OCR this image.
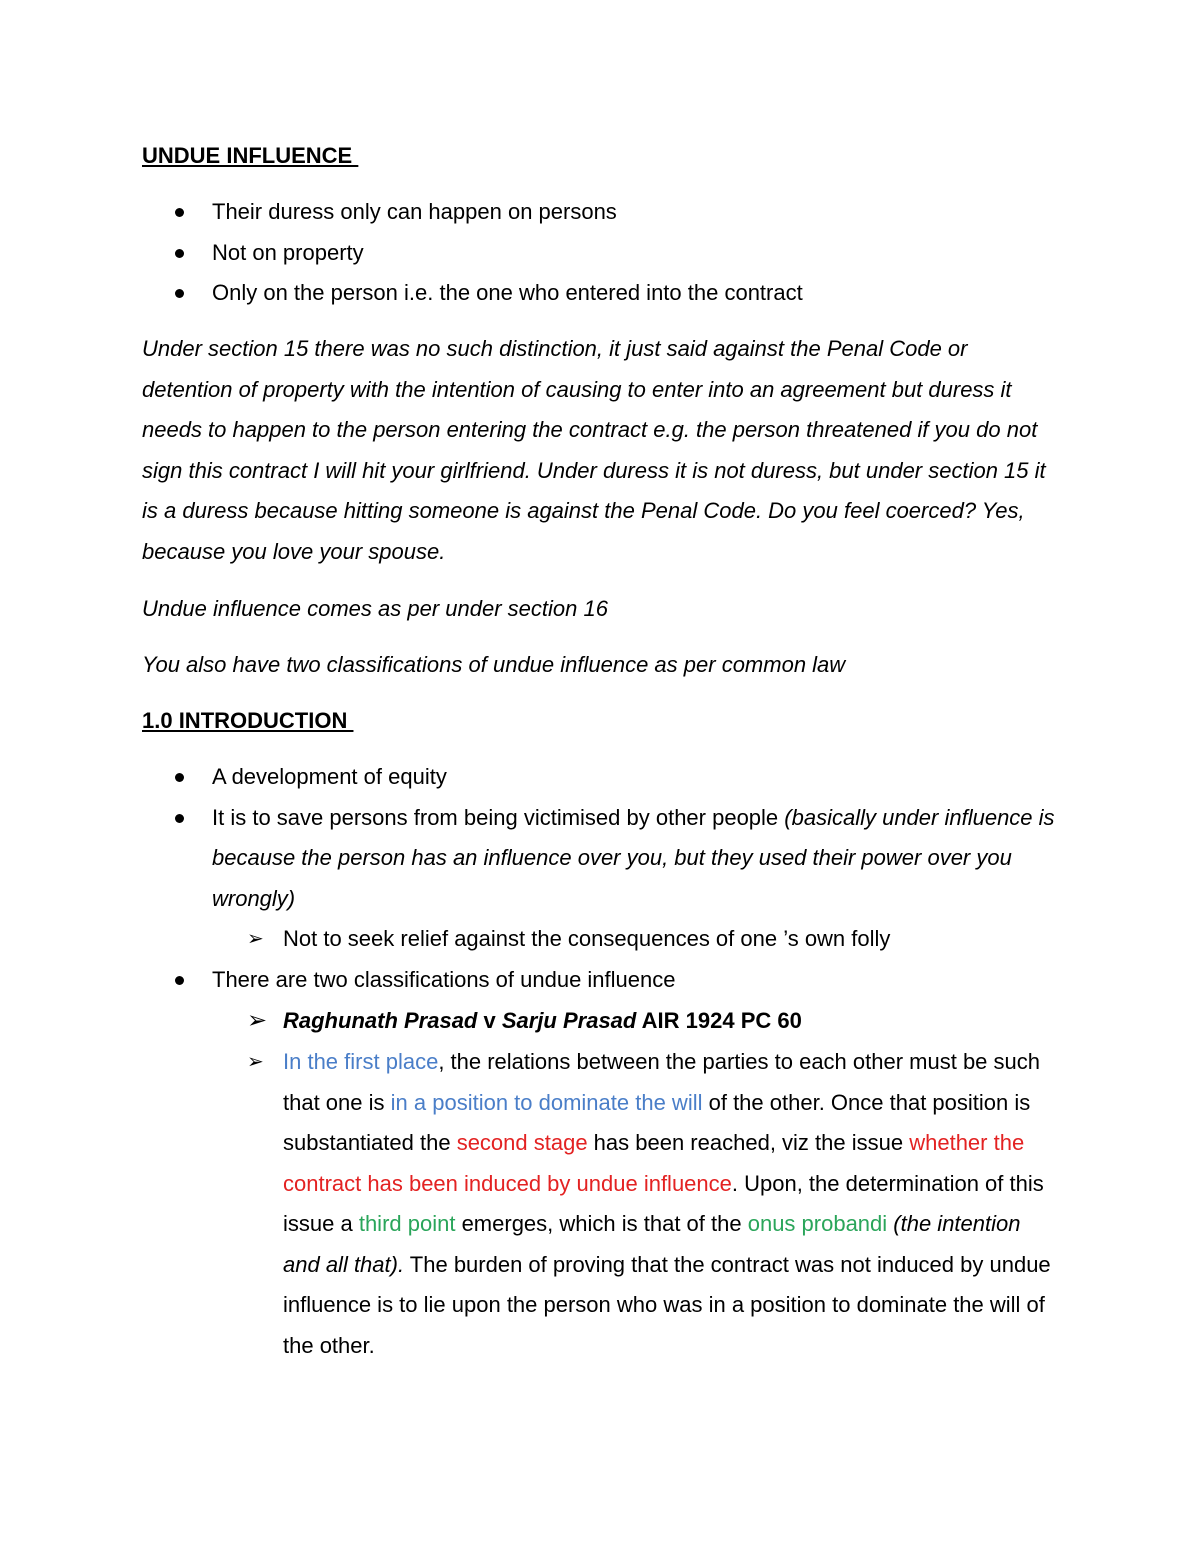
UNDUE INFLUENCE
Their duress only can happen on persons
Not on property
Only on the person i.e. the one who entered into the contract
Under section 15 there was no such distinction, it just said against the Penal Code or detention of property with the intention of causing to enter into an agreement but duress it needs to happen to the person entering the contract e.g. the person threatened if you do not sign this contract I will hit your girlfriend. Under duress it is not duress, but under section 15 it is a duress because hitting someone is against the Penal Code. Do you feel coerced? Yes, because you love your spouse.
Undue influence comes as per under section 16
You also have two classifications of undue influence as per common law
1.0 INTRODUCTION
A development of equity
It is to save persons from being victimised by other people (basically under influence is because the person has an influence over you, but they used their power over you wrongly)
➢ Not to seek relief against the consequences of one ’s own folly
There are two classifications of undue influence
➢ Raghunath Prasad v Sarju Prasad AIR 1924 PC 60
➢ In the first place, the relations between the parties to each other must be such that one is in a position to dominate the will of the other. Once that position is substantiated the second stage has been reached, viz the issue whether the contract has been induced by undue influence. Upon, the determination of this issue a third point emerges, which is that of the onus probandi (the intention and all that). The burden of proving that the contract was not induced by undue influence is to lie upon the person who was in a position to dominate the will of the other.
